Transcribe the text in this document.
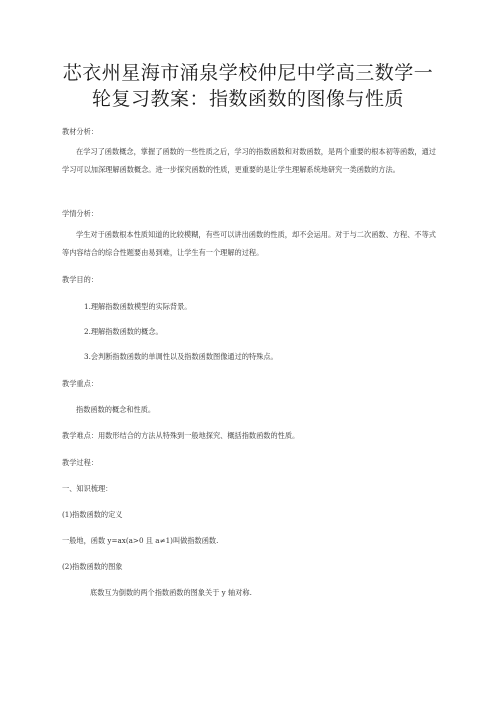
芯衣州星海市涌泉学校仲尼中学高三数学一
轮复习教案：指数函数的图像与性质
教材分析：
在学习了函数概念，掌握了函数的一些性质之后，学习的指数函数和对数函数，是两个重要的根本初等函数，通过学习可以加深理解函数概念。进一步探究函数的性质，更重要的是让学生理解系统地研究一类函数的方法。
学情分析：
学生对于函数根本性质知道的比较模糊，有些可以讲出函数的性质，却不会运用。对于与二次函数、方程、不等式等内容结合的综合性题要由易到难，让学生有一个理解的过程。
教学目的：
1.理解指数函数模型的实际背景。
2.理解指数函数的概念。
3.会判断指数函数的单调性以及指数函数图像通过的特殊点。
教学重点：
指数函数的概念和性质。
教学难点：用数形结合的方法从特殊到一般地探究、概括指数函数的性质。
教学过程：
一、知识梳理：
(1)指数函数的定义
一般地，函数 y=ax(a>0 且 a≠1)叫做指数函数.
(2)指数函数的图象
底数互为倒数的两个指数函数的图象关于 y 轴对称.
